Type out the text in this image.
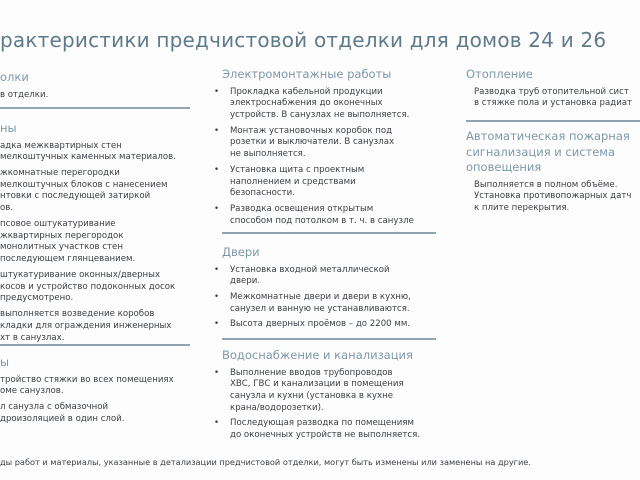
рактеристики предчистовой отделки для домов 24 и 26
олки
в отделки.
ны
адка межквартирных стен
мелкоштучных каменных материалов.
жкомнатные перегородки
мелкоштучных блоков с нанесением
нтовки с последующей затиркой
ов.
псовое оштукатуривание
жквартирных перегородок
монолитных участков стен
последующем глянцеванием.
штукатуривание оконных/дверных
косов и устройство подоконных досок
предусмотрено.
выполняется возведение коробов
кладки для ограждения инженерных
хт в санузлах.
ы
тройство стяжки во всех помещениях
оме санузлов.
л санузла с обмазочной
дроизоляцией в один слой.
Электромонтажные работы
• Прокладка кабельной продукции
электроснабжения до оконечных
устройств. В санузлах не выполняется.
• Монтаж установочных коробок под
розетки и выключатели. В санузлах
не выполняется.
• Установка щита с проектным
наполнением и средствами
безопасности.
• Разводка освещения открытым
способом под потолком в т. ч. в санузле
Двери
• Установка входной металлической
двери.
• Межкомнатные двери и двери в кухню,
санузел и ванную не устанавливаются.
• Высота дверных проёмов – до 2200 мм.
Водоснабжение и канализация
• Выполнение вводов трубопроводов
ХВС, ГВС и канализации в помещения
санузла и кухни (установка в кухне
крана/водорозетки).
• Последующая разводка по помещениям
до оконечных устройств не выполняется.
Отопление
• Разводка труб отопительной сист
в стяжке пола и установка радиат
Автоматическая пожарная
сигнализация и система
оповещения
• Выполняется в полном объёме.
Установка противопожарных датч
к плите перекрытия.
ды работ и материалы, указанные в детализации предчистовой отделки, могут быть изменены или заменены на другие.
